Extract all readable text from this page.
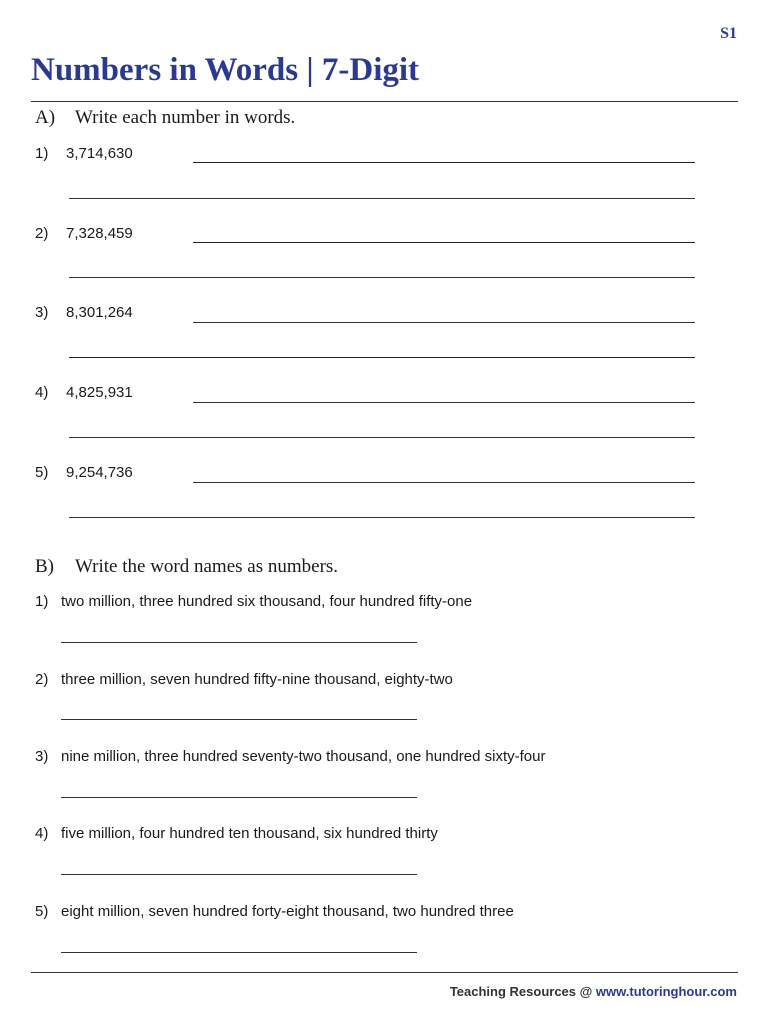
S1
Numbers in Words | 7-Digit
A) Write each number in words.
1) 3,714,630
2) 7,328,459
3) 8,301,264
4) 4,825,931
5) 9,254,736
B) Write the word names as numbers.
1) two million, three hundred six thousand, four hundred fifty-one
2) three million, seven hundred fifty-nine thousand, eighty-two
3) nine million, three hundred seventy-two thousand, one hundred sixty-four
4) five million, four hundred ten thousand, six hundred thirty
5) eight million, seven hundred forty-eight thousand, two hundred three
Teaching Resources @ www.tutoringhour.com
